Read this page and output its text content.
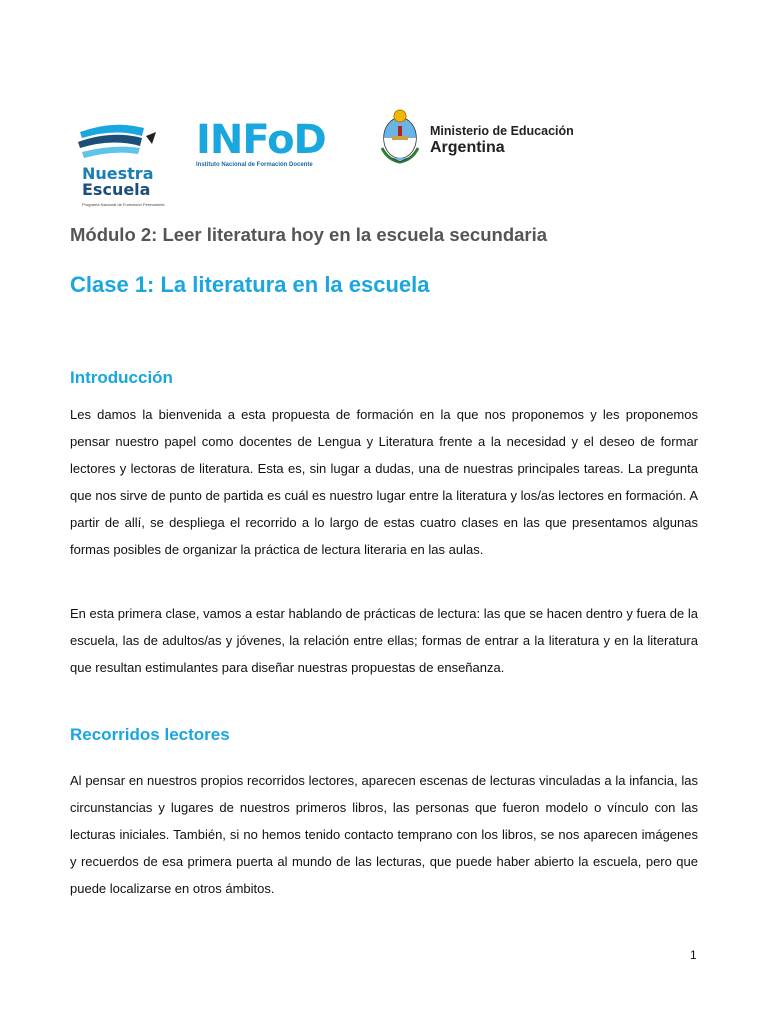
Nuestra
Escuela
Programa Nacional de Formación Permanente
INFoD
Instituto Nacional de Formación Docente
Ministerio de Educación
Argentina
Módulo 2: Leer literatura hoy en la escuela secundaria
Clase 1: La literatura en la escuela
Introducción
Les damos la bienvenida a esta propuesta de formación en la que nos proponemos y les proponemos pensar nuestro papel como docentes de Lengua y Literatura frente a la necesidad y el deseo de formar lectores y lectoras de literatura. Esta es, sin lugar a dudas, una de nuestras principales tareas. La pregunta que nos sirve de punto de partida es cuál es nuestro lugar entre la literatura y los/as lectores en formación. A partir de allí, se despliega el recorrido a lo largo de estas cuatro clases en las que presentamos algunas formas posibles de organizar la práctica de lectura literaria en las aulas.
En esta primera clase, vamos a estar hablando de prácticas de lectura: las que se hacen dentro y fuera de la escuela, las de adultos/as y jóvenes, la relación entre ellas; formas de entrar a la literatura y en la literatura que resultan estimulantes para diseñar nuestras propuestas de enseñanza.
Recorridos lectores
Al pensar en nuestros propios recorridos lectores, aparecen escenas de lecturas vinculadas a la infancia, las circunstancias y lugares de nuestros primeros libros, las personas que fueron modelo o vínculo con las lecturas iniciales. También, si no hemos tenido contacto temprano con los libros, se nos aparecen imágenes y recuerdos de esa primera puerta al mundo de las lecturas, que puede haber abierto la escuela, pero que puede localizarse en otros ámbitos.
1
